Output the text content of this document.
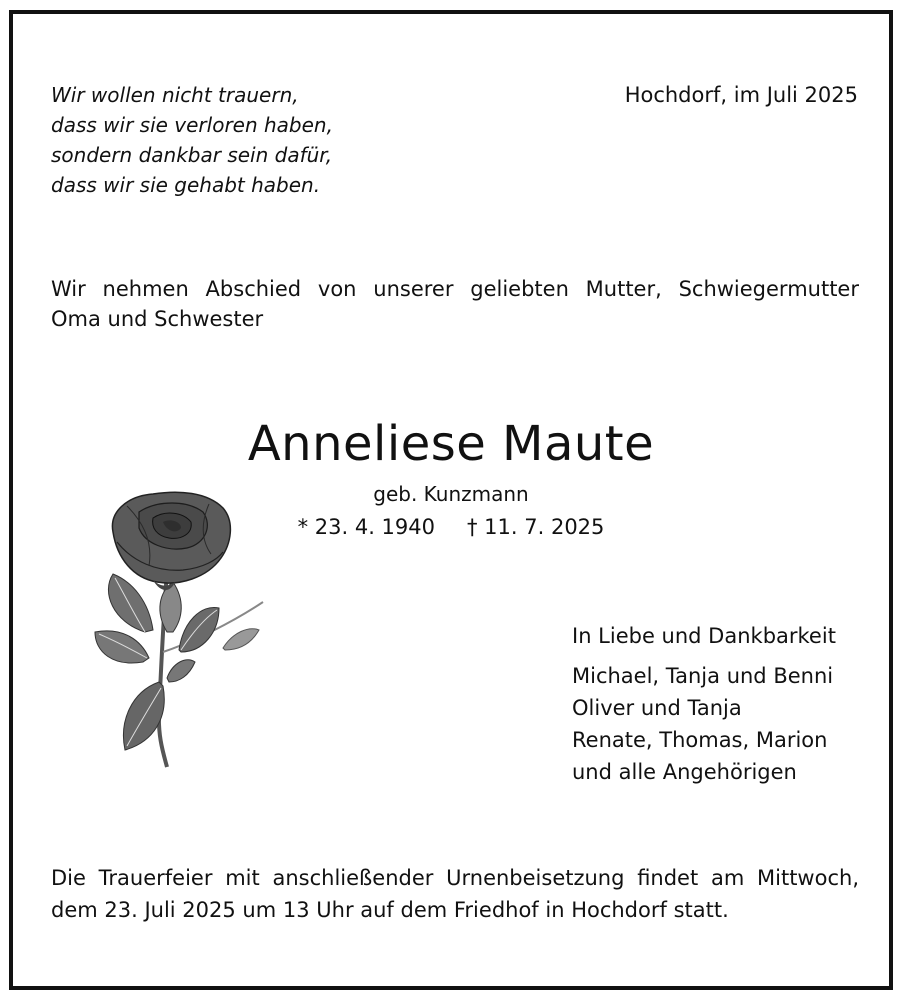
Wir wollen nicht trauern,
dass wir sie verloren haben,
sondern dankbar sein dafür,
dass wir sie gehabt haben.
Hochdorf, im Juli 2025
Wir nehmen Abschied von unserer geliebten Mutter, Schwiegermutter
Oma und Schwester
Anneliese Maute
geb. Kunzmann
* 23. 4. 1940 † 11. 7. 2025
In Liebe und Dankbarkeit
Michael, Tanja und Benni
Oliver und Tanja
Renate, Thomas, Marion
und alle Angehörigen
Die Trauerfeier mit anschließender Urnenbeisetzung findet am Mittwoch,
dem 23. Juli 2025 um 13 Uhr auf dem Friedhof in Hochdorf statt.
